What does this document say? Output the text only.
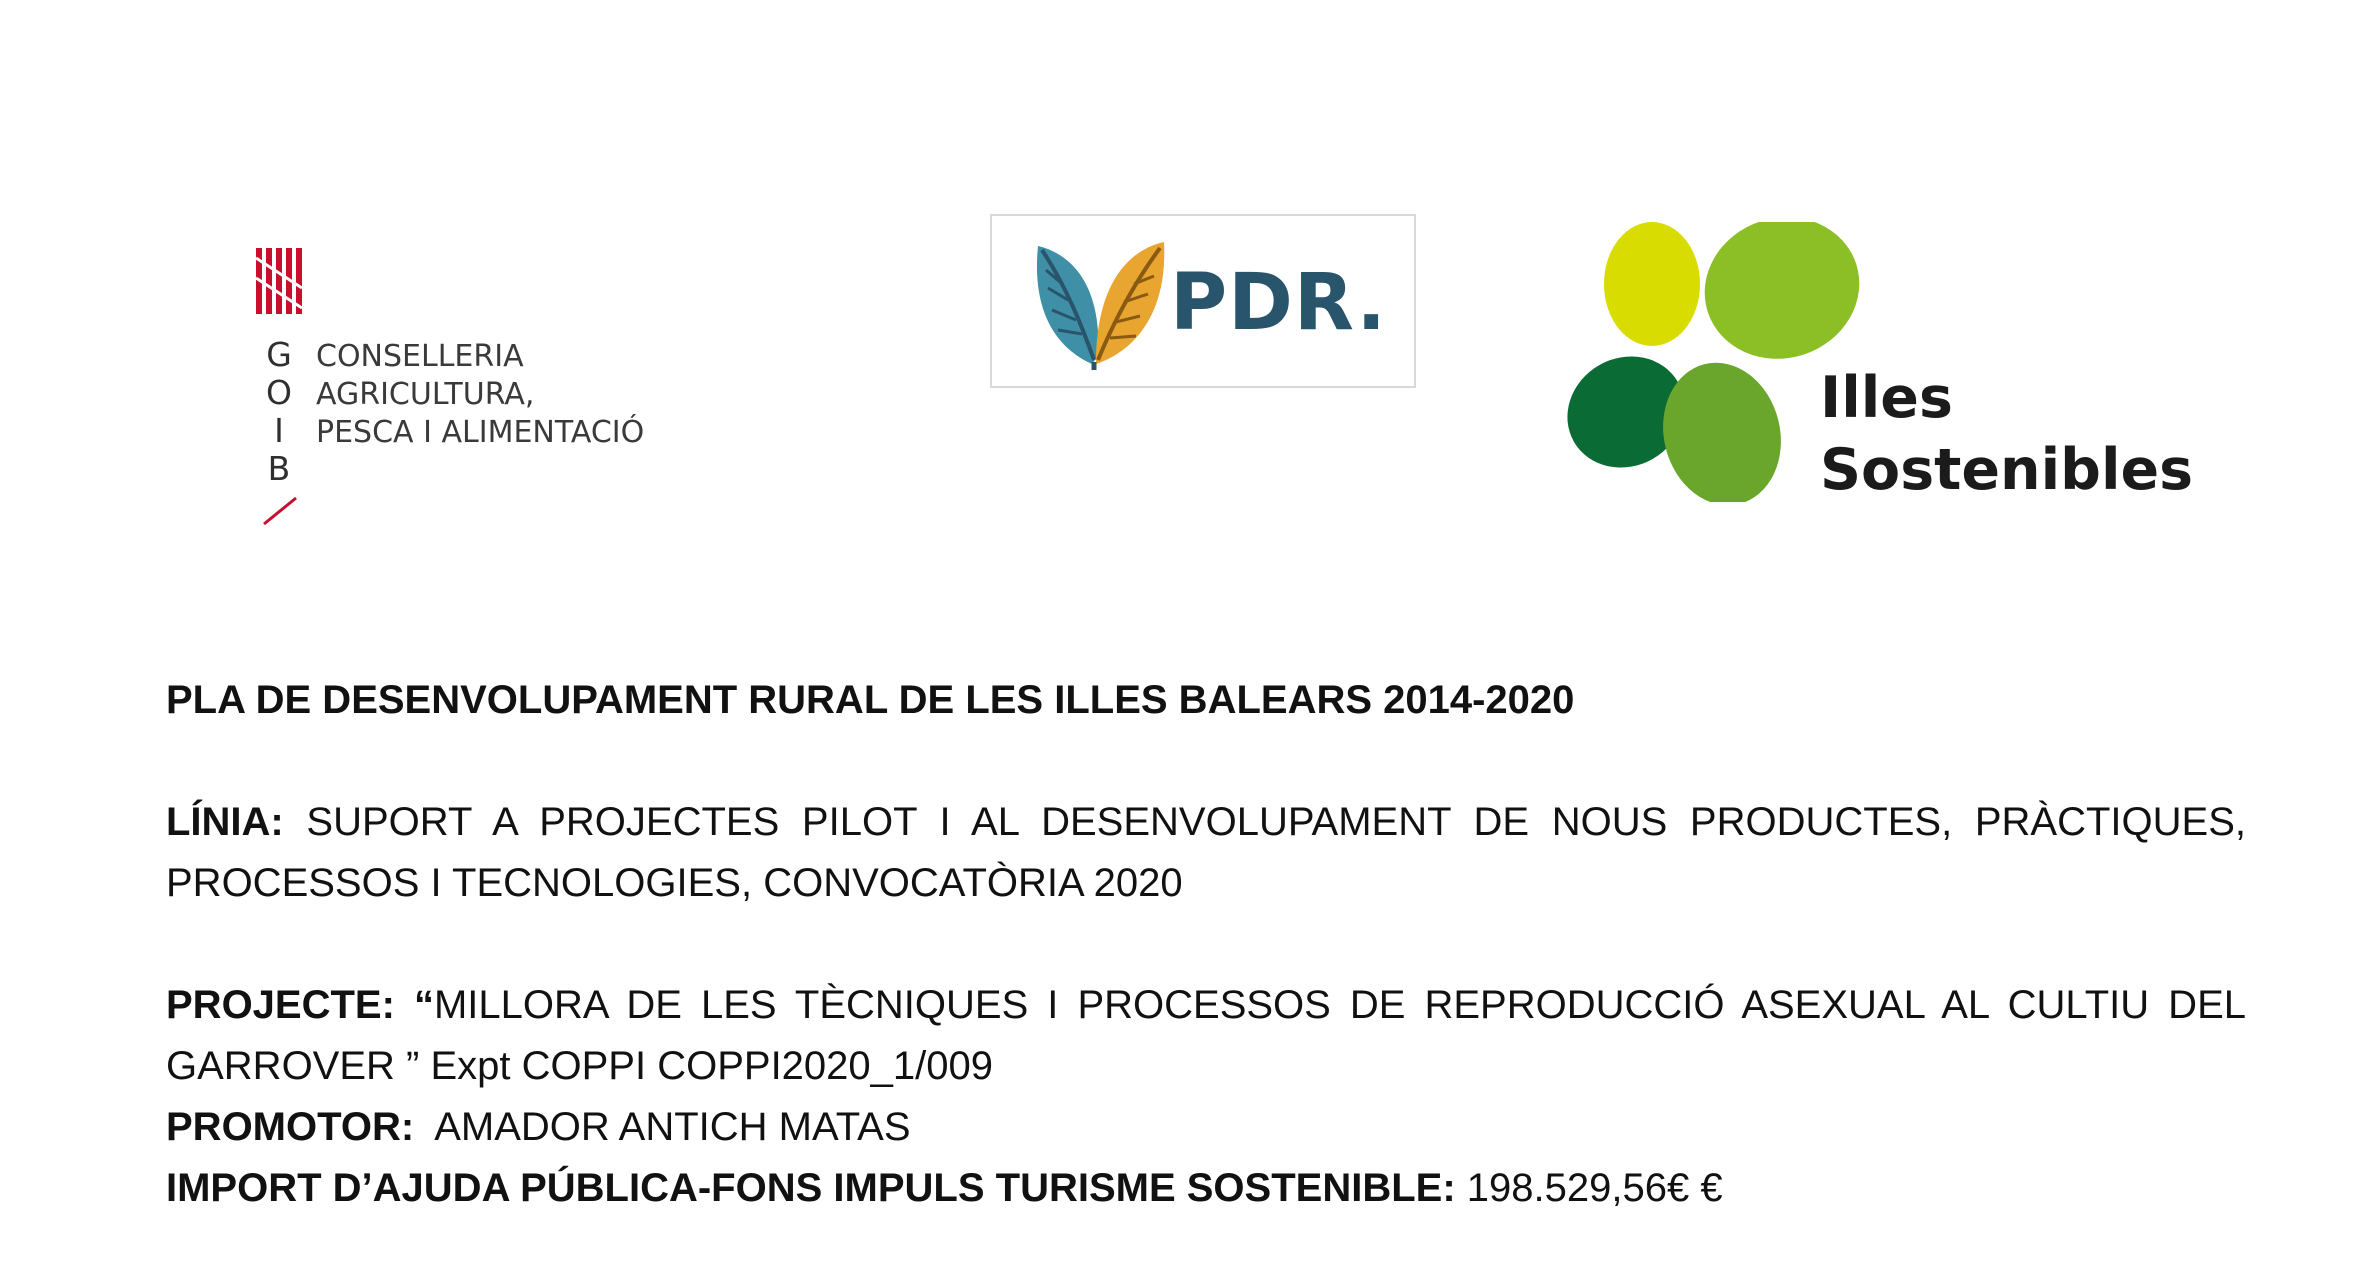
G
O
I
B
CONSELLERIA
AGRICULTURA,
PESCA I ALIMENTACIÓ
PDR.
Illes
Sostenibles

PLA DE DESENVOLUPAMENT RURAL DE LES ILLES BALEARS 2014-2020

LÍNIA: SUPORT A PROJECTES PILOT I AL DESENVOLUPAMENT DE NOUS PRODUCTES, PRÀCTIQUES, PROCESSOS I TECNOLOGIES, CONVOCATÒRIA 2020

PROJECTE: “MILLORA DE LES TÈCNIQUES I PROCESSOS DE REPRODUCCIÓ ASEXUAL AL CULTIU DEL GARROVER ” Expt COPPI COPPI2020_1/009

PROMOTOR: AMADOR ANTICH MATAS

IMPORT D’AJUDA PÚBLICA-FONS IMPULS TURISME SOSTENIBLE: 198.529,56€ €
